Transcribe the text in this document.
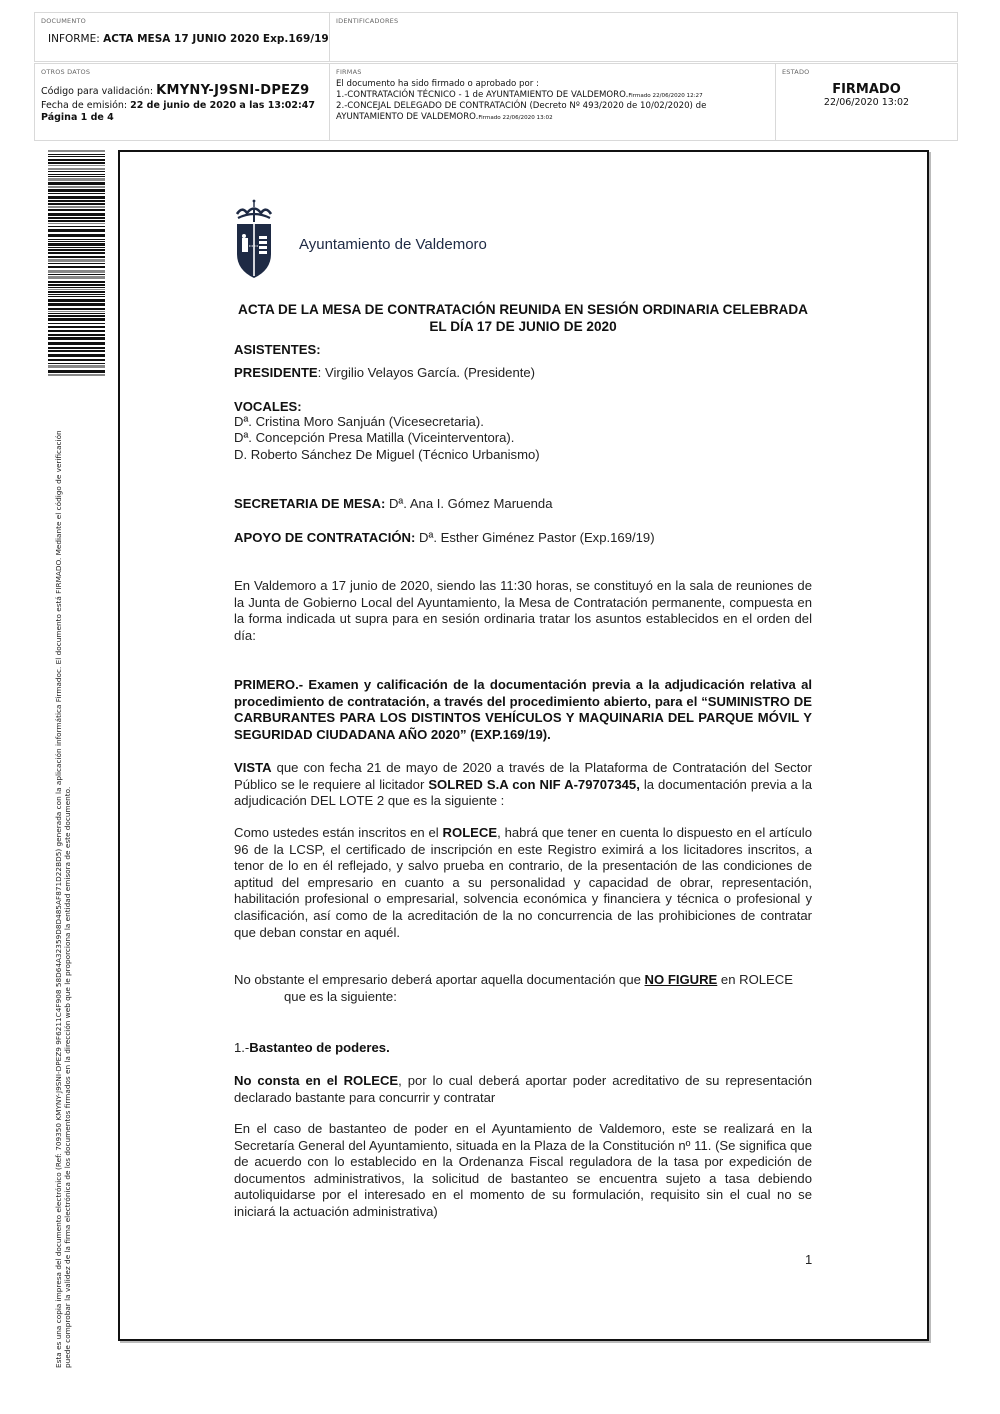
DOCUMENTO
INFORME: ACTA MESA 17 JUNIO 2020 Exp.169/19
IDENTIFICADORES
OTROS DATOS
Código para validación: KMYNY-J9SNI-DPEZ9
Fecha de emisión: 22 de junio de 2020 a las 13:02:47
Página 1 de 4
FIRMAS
El documento ha sido firmado o aprobado por :
1.-CONTRATACIÓN TÉCNICO - 1 de AYUNTAMIENTO DE VALDEMORO.Firmado 22/06/2020 12:27
2.-CONCEJAL DELEGADO DE CONTRATACIÓN (Decreto Nº 493/2020 de 10/02/2020) de AYUNTAMIENTO DE VALDEMORO.Firmado 22/06/2020 13:02
ESTADO
FIRMADO
22/06/2020 13:02
Esta es una copia impresa del documento electrónico (Ref: 709350 KMYNY-J9SNI-DPEZ9 9F6211C4F908 58D64A32359D8D485AF871D22BD5) generada con la aplicación informática Firmadoc. El documento está FIRMADO. Mediante el código de verificación puede comprobar la validez de la firma electrónica de los documentos firmados en la dirección web que le proporciona la entidad emisora de este documento.
Ayuntamiento de Valdemoro
ACTA DE LA MESA DE CONTRATACIÓN REUNIDA EN SESIÓN ORDINARIA CELEBRADA
EL DÍA 17 DE JUNIO DE 2020
ASISTENTES:
PRESIDENTE: Virgilio Velayos García. (Presidente)
VOCALES:
Dª. Cristina Moro Sanjuán (Vicesecretaria).
Dª. Concepción Presa Matilla (Viceinterventora).
D. Roberto Sánchez De Miguel (Técnico Urbanismo)
SECRETARIA DE MESA: Dª. Ana I. Gómez Maruenda
APOYO DE CONTRATACIÓN: Dª. Esther Giménez Pastor (Exp.169/19)
En Valdemoro a 17 junio de 2020, siendo las 11:30 horas, se constituyó en la sala de reuniones de la Junta de Gobierno Local del Ayuntamiento, la Mesa de Contratación permanente, compuesta en la forma indicada ut supra para en sesión ordinaria tratar los asuntos establecidos en el orden del día:
PRIMERO.- Examen y calificación de la documentación previa a la adjudicación relativa al procedimiento de contratación, a través del procedimiento abierto, para el “SUMINISTRO DE CARBURANTES PARA LOS DISTINTOS VEHÍCULOS Y MAQUINARIA DEL PARQUE MÓVIL Y SEGURIDAD CIUDADANA AÑO 2020” (EXP.169/19).
VISTA que con fecha 21 de mayo de 2020 a través de la Plataforma de Contratación del Sector Público se le requiere al licitador SOLRED S.A con NIF A-79707345, la documentación previa a la adjudicación DEL LOTE 2 que es la siguiente :
Como ustedes están inscritos en el ROLECE, habrá que tener en cuenta lo dispuesto en el artículo 96 de la LCSP, el certificado de inscripción en este Registro eximirá a los licitadores inscritos, a tenor de lo en él reflejado, y salvo prueba en contrario, de la presentación de las condiciones de aptitud del empresario en cuanto a su personalidad y capacidad de obrar, representación, habilitación profesional o empresarial, solvencia económica y financiera y técnica o profesional y clasificación, así como de la acreditación de la no concurrencia de las prohibiciones de contratar que deban constar en aquél.
No obstante el empresario deberá aportar aquella documentación que NO FIGURE en ROLECE
que es la siguiente:
1.-Bastanteo de poderes.
No consta en el ROLECE, por lo cual deberá aportar poder acreditativo de su representación declarado bastante para concurrir y contratar
En el caso de bastanteo de poder en el Ayuntamiento de Valdemoro, este se realizará en la Secretaría General del Ayuntamiento, situada en la Plaza de la Constitución nº 11. (Se significa que de acuerdo con lo establecido en la Ordenanza Fiscal reguladora de la tasa por expedición de documentos administrativos, la solicitud de bastanteo se encuentra sujeto a tasa debiendo autoliquidarse por el interesado en el momento de su formulación, requisito sin el cual no se iniciará la actuación administrativa)
1
